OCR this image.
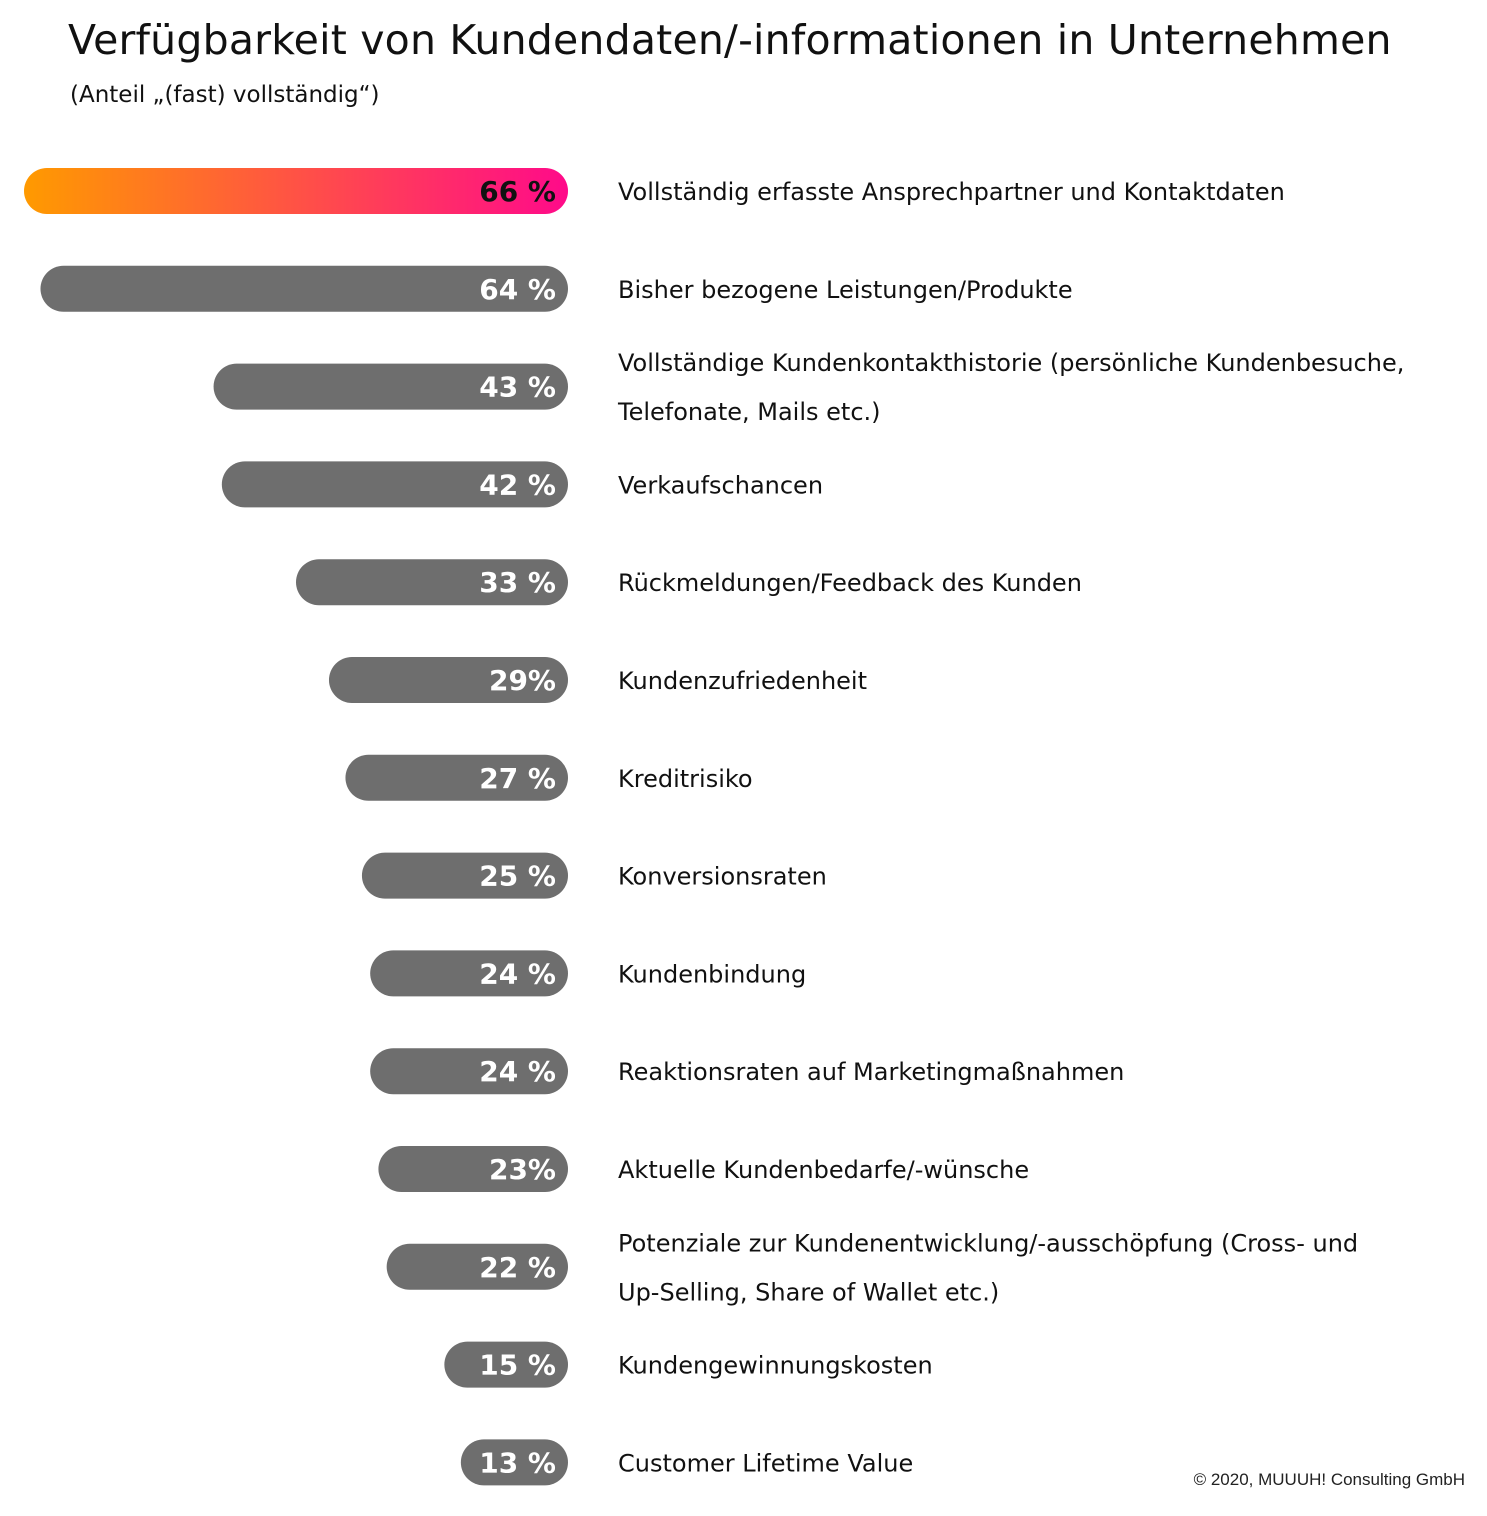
Verfügbarkeit von Kundendaten/-informationen in Unternehmen
(Anteil „(fast) vollständig“)
66 %	Vollständig erfasste Ansprechpartner und Kontaktdaten
64 %	Bisher bezogene Leistungen/Produkte
43 %
Vollständige Kundenkontakthistorie (persönliche Kundenbesuche, Telefonate, Mails etc.)
42 %	Verkaufschancen
33 %	Rückmeldungen/Feedback des Kunden
29%	Kundenzufriedenheit
27 %	Kreditrisiko
25 %	Konversionsraten
24 %	Kundenbindung
24 %	Reaktionsraten auf Marketingmaßnahmen
23%	Aktuelle Kundenbedarfe/-wünsche
22 %
Potenziale zur Kundenentwicklung/-ausschöpfung (Cross- und Up-Selling, Share of Wallet etc.)
15 %	Kundengewinnungskosten
13 %	Customer Lifetime Value
© 2020, MUUUH! Consulting GmbH
